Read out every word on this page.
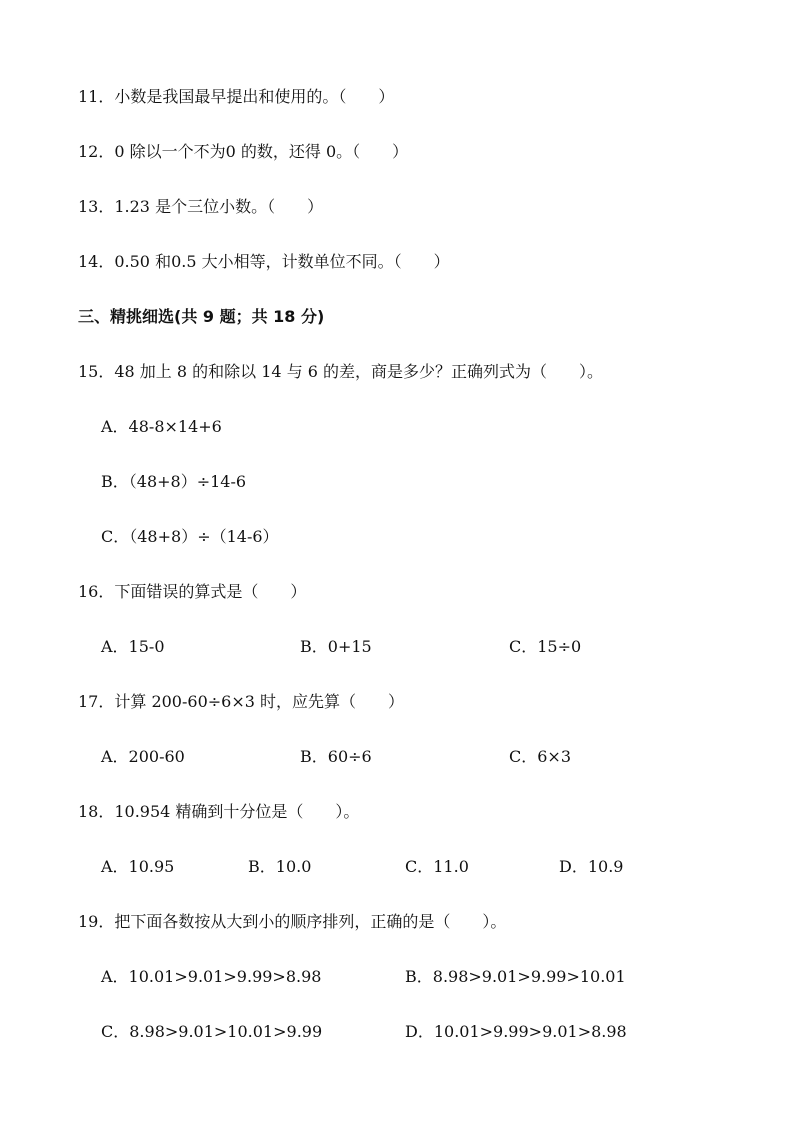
11．小数是我国最早提出和使用的。（　　）
12．0 除以一个不为0 的数，还得 0。（　　）
13．1.23 是个三位小数。（　　）
14．0.50 和0.5 大小相等，计数单位不同。（　　）
三、精挑细选(共 9 题；共 18 分)
15．48 加上 8 的和除以 14 与 6 的差，商是多少？正确列式为（　　）。
A．48-8×14+6
B．（48+8）÷14-6
C．（48+8）÷（14-6）
16．下面错误的算式是（　　）
A．15-0	B．0+15	C．15÷0
17．计算 200-60÷6×3 时，应先算（　　）
A．200-60	B．60÷6	C．6×3
18．10.954 精确到十分位是（　　）。
A．10.95	B．10.0	C．11.0	D．10.9
19．把下面各数按从大到小的顺序排列，正确的是（　　）。
A．10.01>9.01>9.99>8.98	B．8.98>9.01>9.99>10.01
C．8.98>9.01>10.01>9.99	D．10.01>9.99>9.01>8.98
